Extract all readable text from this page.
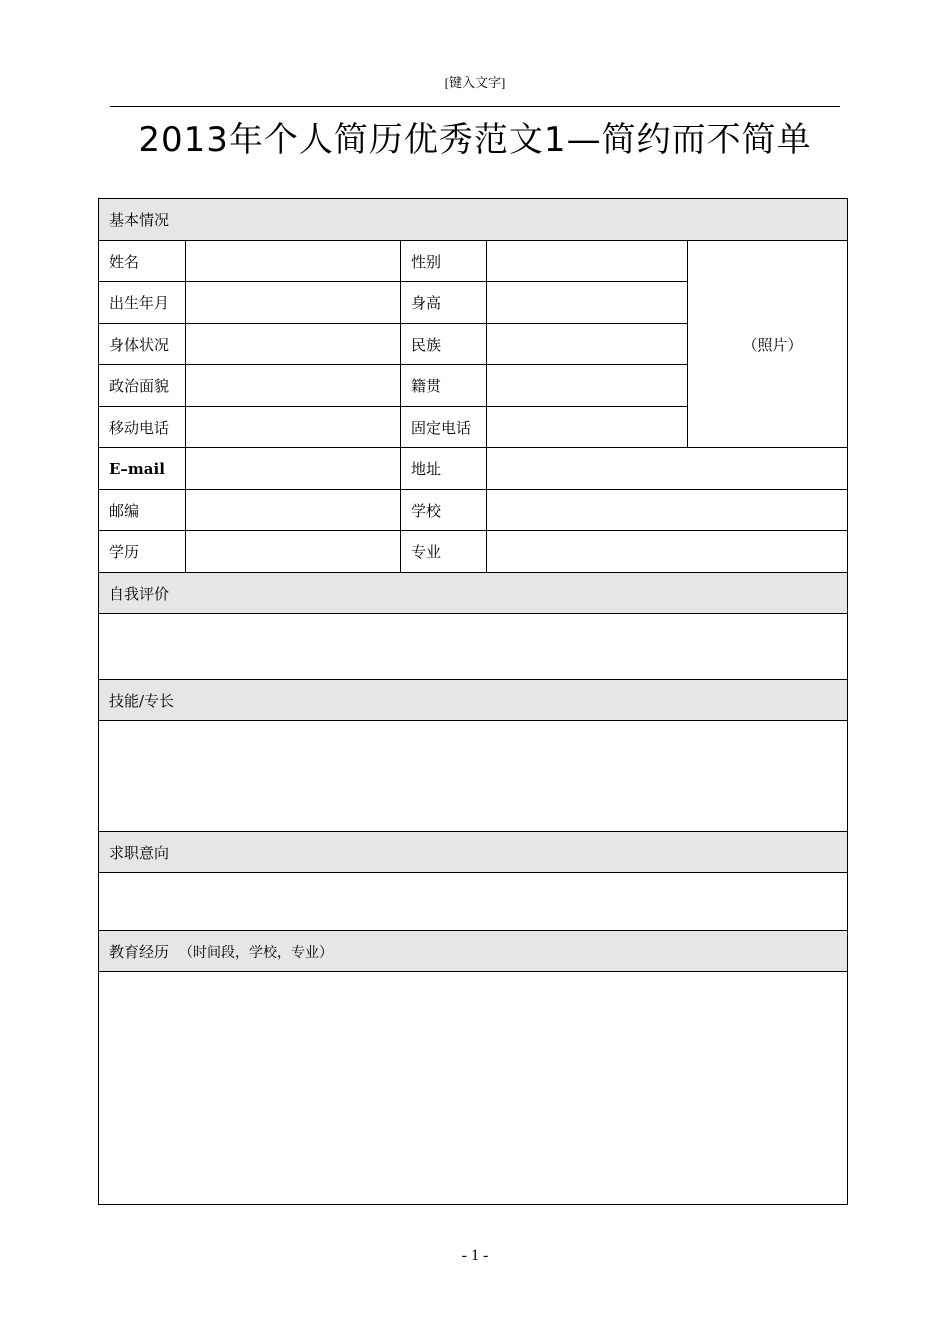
[键入文字]
2013年个人简历优秀范文1—简约而不简单
基本情况				
姓名		性别		（照片）
出生年月		身高		
身体状况		民族		
政治面貌		籍贯		
移动电话		固定电话		
E–mail		地址		
邮编		学校		
学历		专业		
自我评价				

技能/专长				

求职意向				

教育经历 （时间段，学校，专业）				

- 1 -
